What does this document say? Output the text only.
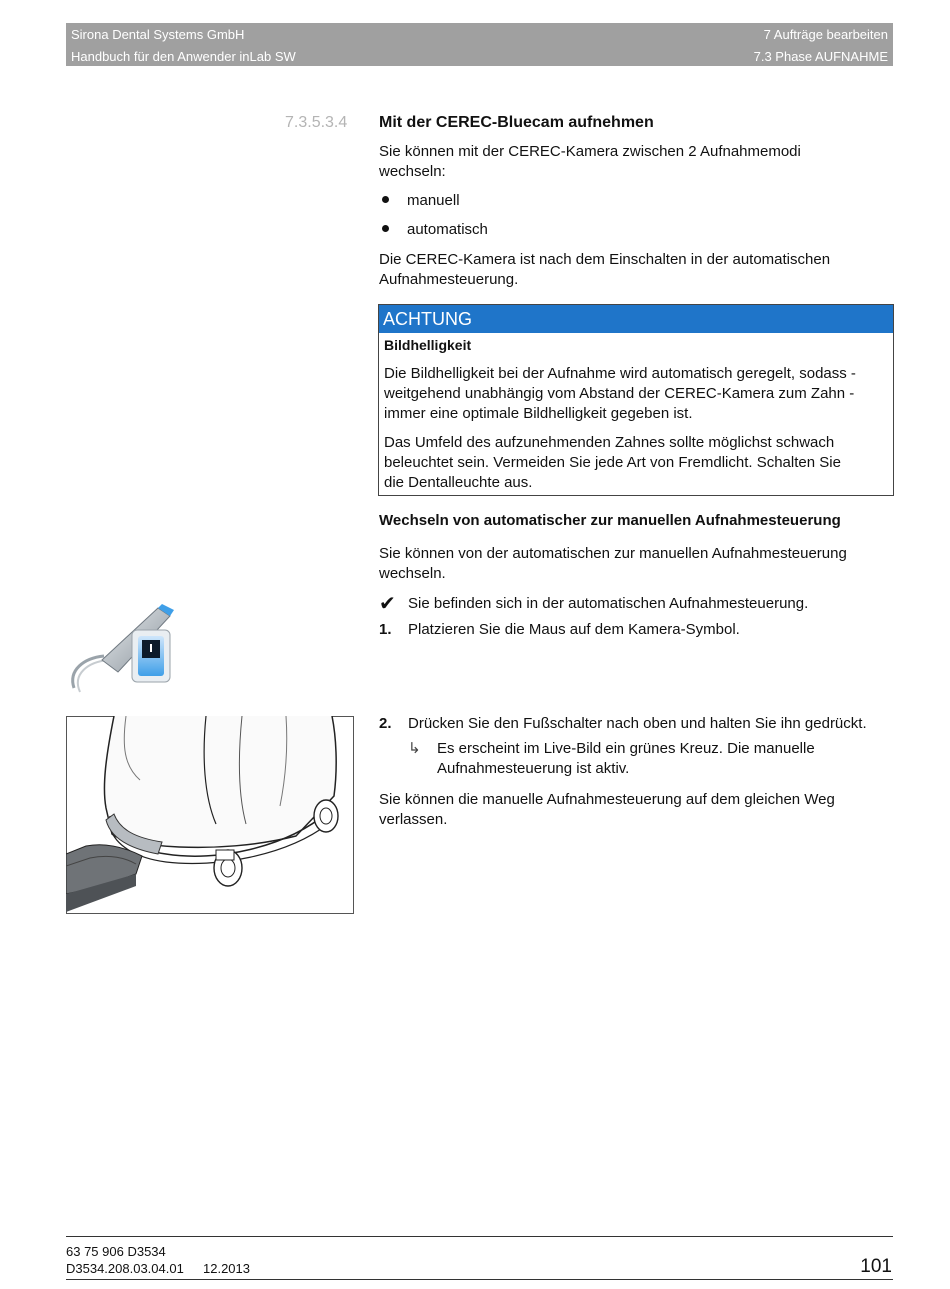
Sirona Dental Systems GmbH
Handbuch für den Anwender inLab SW
7 Aufträge bearbeiten
7.3 Phase AUFNAHME
7.3.5.3.4 Mit der CEREC-Bluecam aufnehmen
Sie können mit der CEREC-Kamera zwischen 2 Aufnahmemodi
wechseln:
manuell
automatisch
Die CEREC-Kamera ist nach dem Einschalten in der automatischen
Aufnahmesteuerung.
ACHTUNG
Bildhelligkeit
Die Bildhelligkeit bei der Aufnahme wird automatisch geregelt, sodass -
weitgehend unabhängig vom Abstand der CEREC-Kamera zum Zahn -
immer eine optimale Bildhelligkeit gegeben ist.
Das Umfeld des aufzunehmenden Zahnes sollte möglichst schwach
beleuchtet sein. Vermeiden Sie jede Art von Fremdlicht. Schalten Sie
die Dentalleuchte aus.
Wechseln von automatischer zur manuellen Aufnahmesteuerung
Sie können von der automatischen zur manuellen Aufnahmesteuerung
wechseln.
✔ Sie befinden sich in der automatischen Aufnahmesteuerung.
1. Platzieren Sie die Maus auf dem Kamera-Symbol.
2. Drücken Sie den Fußschalter nach oben und halten Sie ihn gedrückt.
↳ Es erscheint im Live-Bild ein grünes Kreuz. Die manuelle
Aufnahmesteuerung ist aktiv.
Sie können die manuelle Aufnahmesteuerung auf dem gleichen Weg
verlassen.
63 75 906 D3534
D3534.208.03.04.01 12.2013	101
